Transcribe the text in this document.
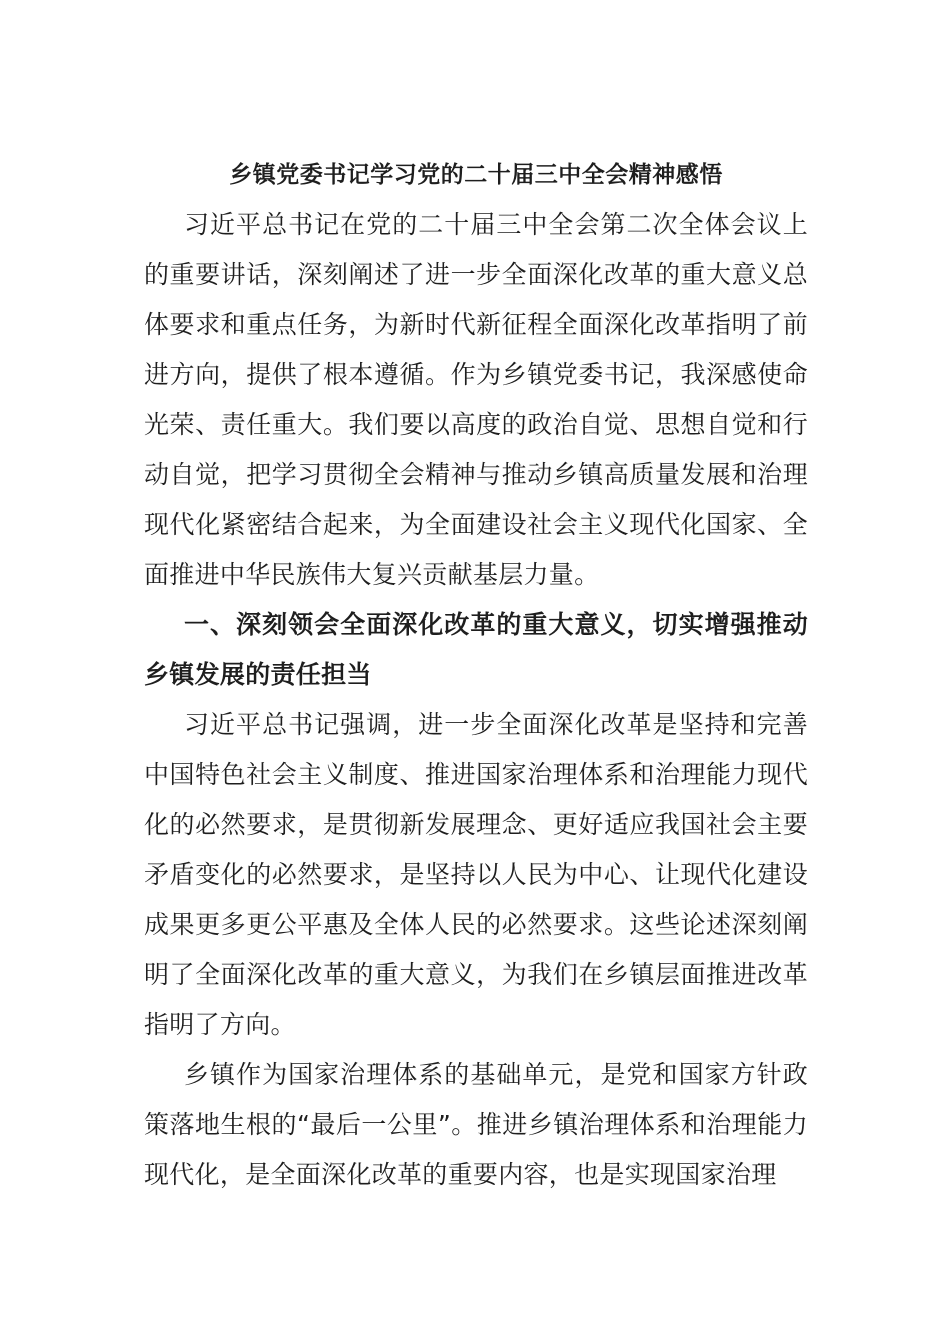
乡镇党委书记学习党的二十届三中全会精神感悟

习近平总书记在党的二十届三中全会第二次全体会议上的重要讲话，深刻阐述了进一步全面深化改革的重大意义总体要求和重点任务，为新时代新征程全面深化改革指明了前进方向，提供了根本遵循。作为乡镇党委书记，我深感使命光荣、责任重大。我们要以高度的政治自觉、思想自觉和行动自觉，把学习贯彻全会精神与推动乡镇高质量发展和治理现代化紧密结合起来，为全面建设社会主义现代化国家、全面推进中华民族伟大复兴贡献基层力量。

一、深刻领会全面深化改革的重大意义，切实增强推动乡镇发展的责任担当

习近平总书记强调，进一步全面深化改革是坚持和完善中国特色社会主义制度、推进国家治理体系和治理能力现代化的必然要求，是贯彻新发展理念、更好适应我国社会主要矛盾变化的必然要求，是坚持以人民为中心、让现代化建设成果更多更公平惠及全体人民的必然要求。这些论述深刻阐明了全面深化改革的重大意义，为我们在乡镇层面推进改革指明了方向。

乡镇作为国家治理体系的基础单元，是党和国家方针政策落地生根的“最后一公里”。推进乡镇治理体系和治理能力现代化，是全面深化改革的重要内容，也是实现国家治理
